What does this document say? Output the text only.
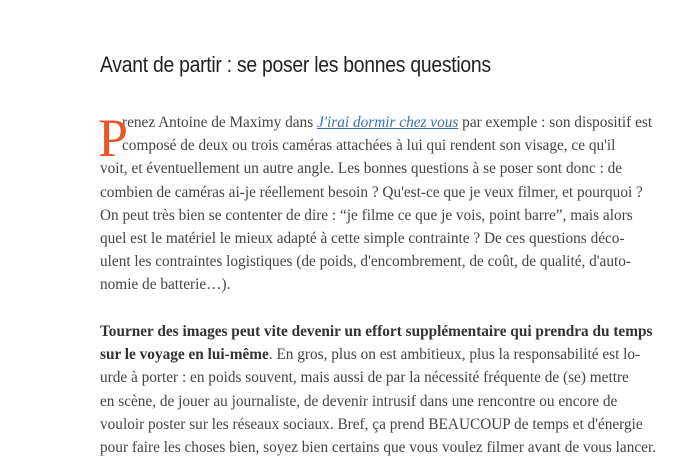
Avant de partir : se poser les bonnes questions
P
renez Antoine de Maximy dans J'irai dormir chez vous par exemple : son dispositif est
composé de deux ou trois caméras attachées à lui qui rendent son visage, ce qu'il
voit, et éventuellement un autre angle. Les bonnes questions à se poser sont donc : de
combien de caméras ai-je réellement besoin ? Qu'est-ce que je veux filmer, et pourquoi ?
On peut très bien se contenter de dire : “je filme ce que je vois, point barre”, mais alors
quel est le matériel le mieux adapté à cette simple contrainte ? De ces questions déco-
ulent les contraintes logistiques (de poids, d'encombrement, de coût, de qualité, d'auto-
nomie de batterie…).
Tourner des images peut vite devenir un effort supplémentaire qui prendra du temps
sur le voyage en lui-même. En gros, plus on est ambitieux, plus la responsabilité est lo-
urde à porter : en poids souvent, mais aussi de par la nécessité fréquente de (se) mettre
en scène, de jouer au journaliste, de devenir intrusif dans une rencontre ou encore de
vouloir poster sur les réseaux sociaux. Bref, ça prend BEAUCOUP de temps et d'énergie
pour faire les choses bien, soyez bien certains que vous voulez filmer avant de vous lancer.
